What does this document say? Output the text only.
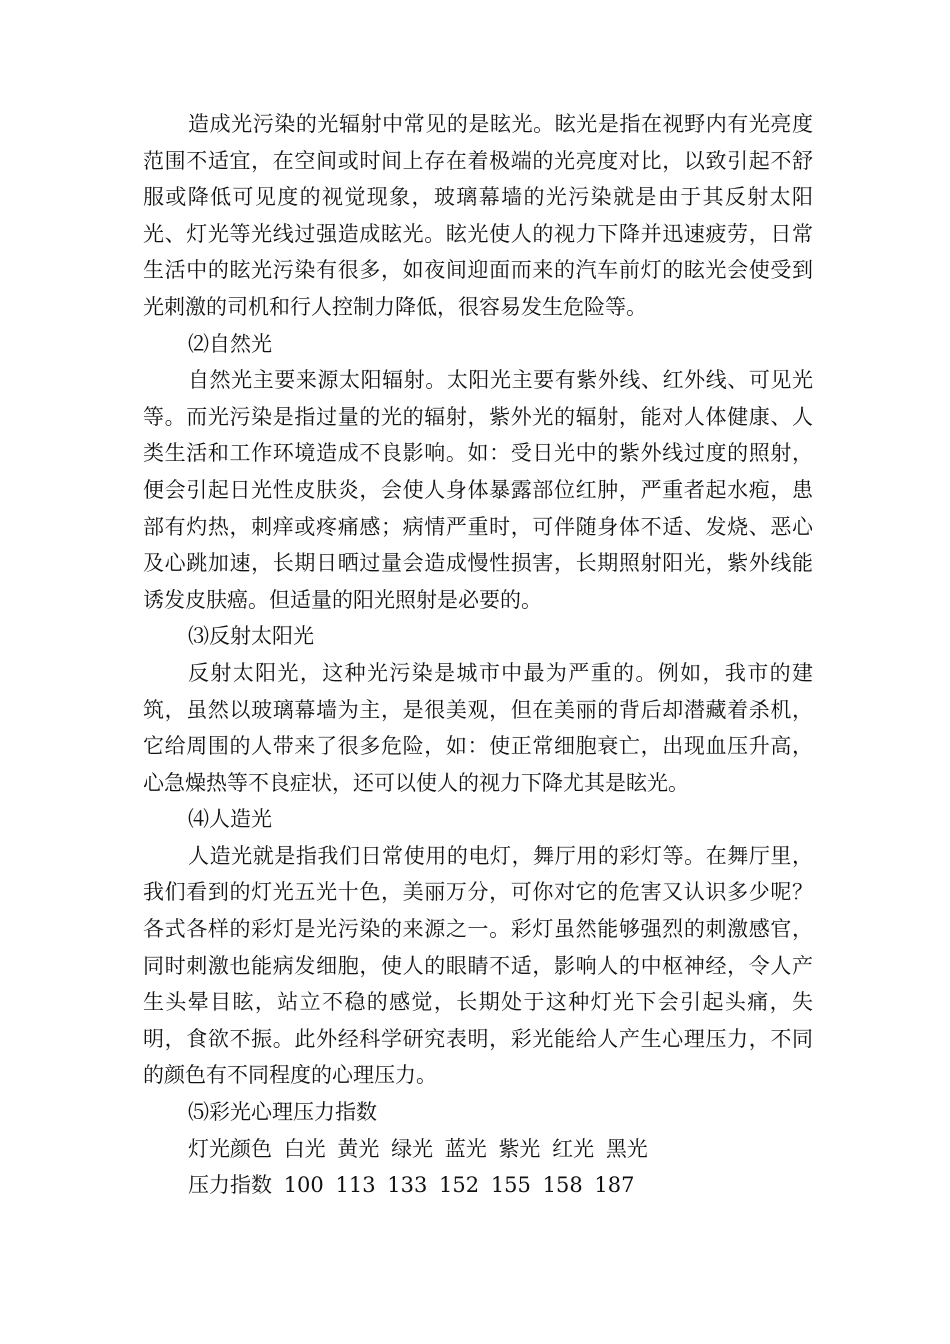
造成光污染的光辐射中常见的是眩光。眩光是指在视野内有光亮度范围不适宜，在空间或时间上存在着极端的光亮度对比，以致引起不舒服或降低可见度的视觉现象，玻璃幕墙的光污染就是由于其反射太阳光、灯光等光线过强造成眩光。眩光使人的视力下降并迅速疲劳，日常生活中的眩光污染有很多，如夜间迎面而来的汽车前灯的眩光会使受到光刺激的司机和行人控制力降低，很容易发生危险等。

⑵自然光

自然光主要来源太阳辐射。太阳光主要有紫外线、红外线、可见光等。而光污染是指过量的光的辐射，紫外光的辐射，能对人体健康、人类生活和工作环境造成不良影响。如：受日光中的紫外线过度的照射，便会引起日光性皮肤炎，会使人身体暴露部位红肿，严重者起水疱，患部有灼热，刺痒或疼痛感；病情严重时，可伴随身体不适、发烧、恶心及心跳加速，长期日晒过量会造成慢性损害，长期照射阳光，紫外线能诱发皮肤癌。但适量的阳光照射是必要的。

⑶反射太阳光

反射太阳光，这种光污染是城市中最为严重的。例如，我市的建筑，虽然以玻璃幕墙为主，是很美观，但在美丽的背后却潜藏着杀机，它给周围的人带来了很多危险，如：使正常细胞衰亡，出现血压升高，心急燥热等不良症状，还可以使人的视力下降尤其是眩光。

⑷人造光

人造光就是指我们日常使用的电灯，舞厅用的彩灯等。在舞厅里，我们看到的灯光五光十色，美丽万分，可你对它的危害又认识多少呢？各式各样的彩灯是光污染的来源之一。彩灯虽然能够强烈的刺激感官，同时刺激也能病发细胞，使人的眼睛不适，影响人的中枢神经，令人产生头晕目眩，站立不稳的感觉，长期处于这种灯光下会引起头痛，失明，食欲不振。此外经科学研究表明，彩光能给人产生心理压力，不同的颜色有不同程度的心理压力。

⑸彩光心理压力指数

灯光颜色 白光 黄光 绿光 蓝光 紫光 红光 黑光

压力指数 100 113 133 152 155 158 187
